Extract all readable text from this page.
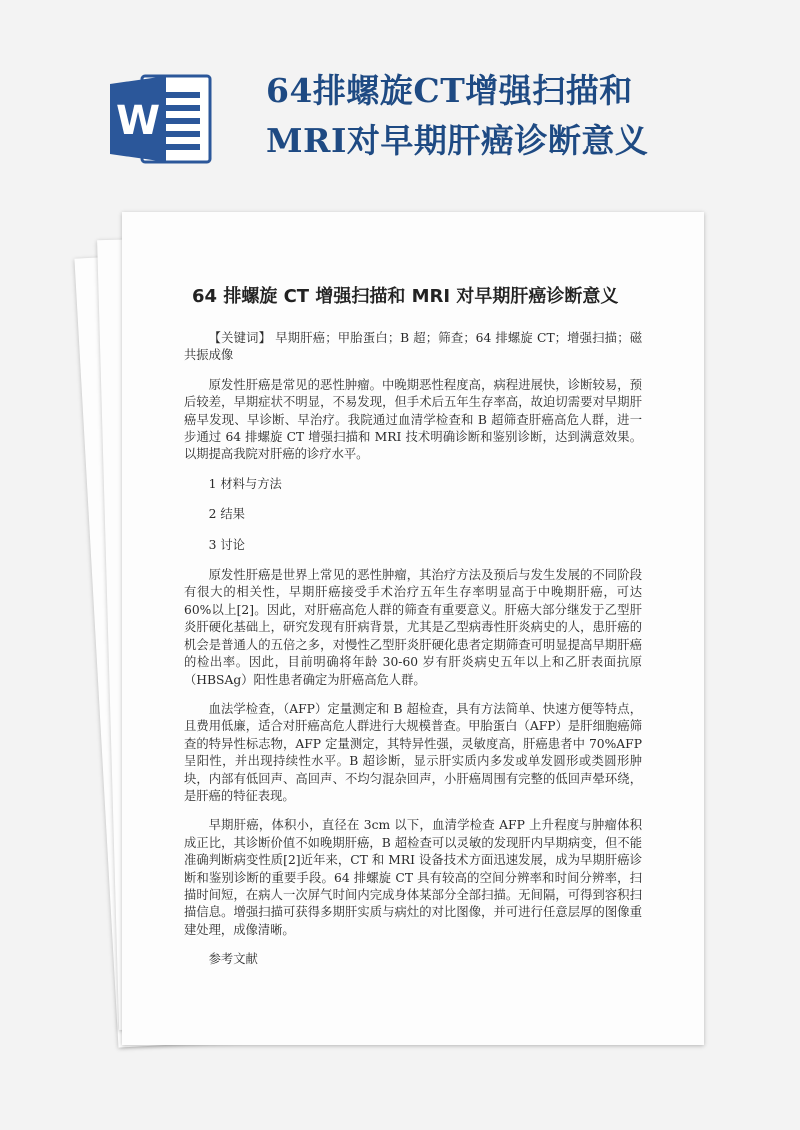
W
64排螺旋CT增强扫描和MRI对早期肝癌诊断意义
64 排螺旋 CT 增强扫描和 MRI 对早期肝癌诊断意义

【关键词】 早期肝癌；甲胎蛋白；B 超；筛查；64 排螺旋 CT；增强扫描；磁共振成像

原发性肝癌是常见的恶性肿瘤。中晚期恶性程度高，病程进展快，诊断较易，预后较差，早期症状不明显，不易发现，但手术后五年生存率高，故迫切需要对早期肝癌早发现、早诊断、早治疗。我院通过血清学检查和 B 超筛查肝癌高危人群，进一步通过 64 排螺旋 CT 增强扫描和 MRI 技术明确诊断和鉴别诊断，达到满意效果。以期提高我院对肝癌的诊疗水平。

1 材料与方法

2 结果

3 讨论

原发性肝癌是世界上常见的恶性肿瘤，其治疗方法及预后与发生发展的不同阶段有很大的相关性，早期肝癌接受手术治疗五年生存率明显高于中晚期肝癌，可达 60%以上[2]。因此，对肝癌高危人群的筛查有重要意义。肝癌大部分继发于乙型肝炎肝硬化基础上，研究发现有肝病背景，尤其是乙型病毒性肝炎病史的人，患肝癌的机会是普通人的五倍之多，对慢性乙型肝炎肝硬化患者定期筛查可明显提高早期肝癌的检出率。因此，目前明确将年龄 30-60 岁有肝炎病史五年以上和乙肝表面抗原（HBSAg）阳性患者确定为肝癌高危人群。

血法学检查，（AFP）定量测定和 B 超检查，具有方法简单、快速方便等特点，且费用低廉，适合对肝癌高危人群进行大规模普查。甲胎蛋白（AFP）是肝细胞癌筛查的特异性标志物，AFP 定量测定，其特异性强，灵敏度高，肝癌患者中 70%AFP 呈阳性，并出现持续性水平。B 超诊断，显示肝实质内多发或单发圆形或类圆形肿块，内部有低回声、高回声、不均匀混杂回声，小肝癌周围有完整的低回声晕环绕，是肝癌的特征表现。

早期肝癌，体积小，直径在 3cm 以下，血清学检查 AFP 上升程度与肿瘤体积成正比，其诊断价值不如晚期肝癌，B 超检查可以灵敏的发现肝内早期病变，但不能准确判断病变性质[2]近年来，CT 和 MRI 设备技术方面迅速发展，成为早期肝癌诊断和鉴别诊断的重要手段。64 排螺旋 CT 具有较高的空间分辨率和时间分辨率，扫描时间短，在病人一次屏气时间内完成身体某部分全部扫描。无间隔，可得到容积扫描信息。增强扫描可获得多期肝实质与病灶的对比图像，并可进行任意层厚的图像重建处理，成像清晰。

参考文献
